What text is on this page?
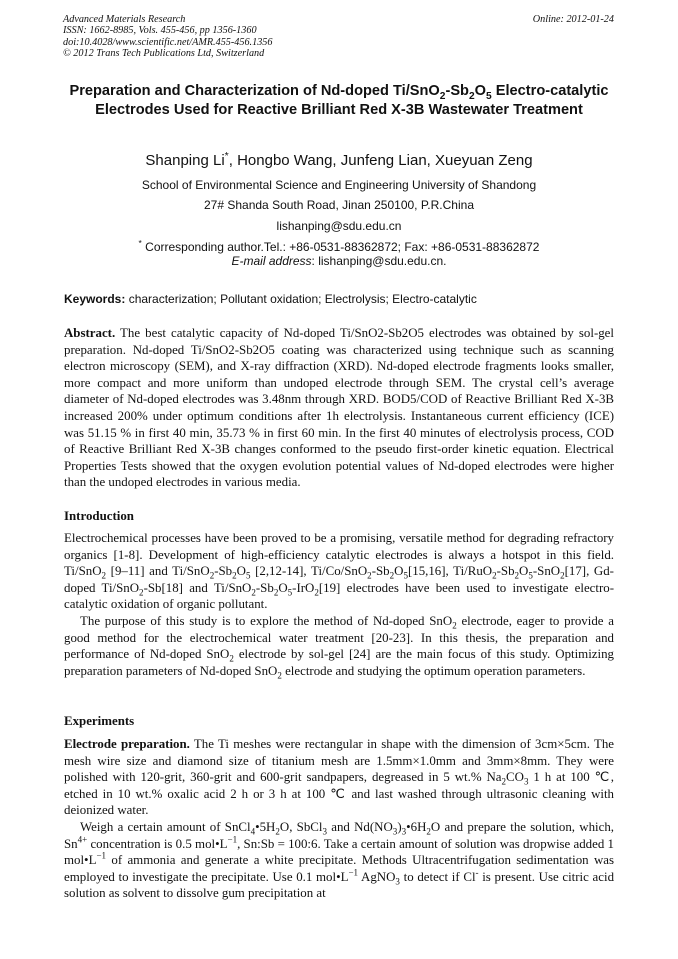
Advanced Materials Research
ISSN: 1662-8985, Vols. 455-456, pp 1356-1360
doi:10.4028/www.scientific.net/AMR.455-456.1356
© 2012 Trans Tech Publications Ltd, Switzerland
Online: 2012-01-24
Preparation and Characterization of Nd-doped $Ti/SnO_2-Sb_2O_5$ Electro-catalytic Electrodes Used for Reactive Brilliant Red X-3B Wastewater Treatment
Shanping Li*, Hongbo Wang, Junfeng Lian, Xueyuan Zeng
School of Environmental Science and Engineering University of Shandong
27# Shanda South Road, Jinan 250100, P.R.China
lishanping@sdu.edu.cn
* Corresponding author.Tel.: +86-0531-88362872; Fax: +86-0531-88362872
E-mail address: lishanping@sdu.edu.cn.
Keywords: characterization; Pollutant oxidation; Electrolysis; Electro-catalytic

Abstract. The best catalytic capacity of Nd-doped Ti/SnO2-Sb2O5 electrodes was obtained by sol-gel preparation. Nd-doped Ti/SnO2-Sb2O5 coating was characterized using technique such as scanning electron microscopy (SEM), and X-ray diffraction (XRD). Nd-doped electrode fragments looks smaller, more compact and more uniform than undoped electrode through SEM. The crystal cell’s average diameter of Nd-doped electrodes was 3.48nm through XRD. BOD5/COD of Reactive Brilliant Red X-3B increased 200% under optimum conditions after 1h electrolysis. Instantaneous current efficiency (ICE) was 51.15 % in first 40 min, 35.73 % in first 60 min. In the first 40 minutes of electrolysis process, COD of Reactive Brilliant Red X-3B changes conformed to the pseudo first-order kinetic equation. Electrical Properties Tests showed that the oxygen evolution potential values of Nd-doped electrodes were higher than the undoped electrodes in various media.

Introduction

Electrochemical processes have been proved to be a promising, versatile method for degrading refractory organics [1-8]. Development of high-efficiency catalytic electrodes is always a hotspot in this field. Ti/SnO$_2$ [9–11] and $Ti/SnO_2-Sb_2O_5$ [2,12-14], $Ti/Co/SnO_2-Sb_2O_5[15,16]$, $Ti/RuO_2-Sb_2O_5-SnO_2[17]$, Gd-doped Ti/SnO$_2$-Sb[18] and $Ti/SnO_2-Sb_2O_5-IrO_2[19]$ electrodes have been used to investigate electro-catalytic oxidation of organic pollutant.

The purpose of this study is to explore the method of Nd-doped SnO$_2$ electrode, eager to provide a good method for the electrochemical water treatment [20-23]. In this thesis, the preparation and performance of Nd-doped SnO$_2$ electrode by sol-gel [24] are the main focus of this study. Optimizing preparation parameters of Nd-doped SnO$_2$ electrode and studying the optimum operation parameters.

Experiments

Electrode preparation. The Ti meshes were rectangular in shape with the dimension of 3cm×5cm. The mesh wire size and diamond size of titanium mesh are 1.5mm×1.0mm and 3mm×8mm. They were polished with 120-grit, 360-grit and 600-grit sandpapers, degreased in 5 wt.% $Na_2CO_3$ 1 h at 100 ℃, etched in 10 wt.% oxalic acid 2 h or 3 h at 100 ℃ and last washed through ultrasonic cleaning with deionized water.

Weigh a certain amount of $SnCl_4•5H_2O$, SbCl$_3$ and $Nd(NO_3)_3•6H_2O$ and prepare the solution, which, $Sn^{4+}$ concentration is 0.5 $mol•L^{-1}$, Sn:Sb = 100:6. Take a certain amount of solution was dropwise added 1 $mol•L^{-1}$ of ammonia and generate a white precipitate. Methods Ultracentrifugation sedimentation was employed to investigate the precipitate. Use 0.1 $mol•L^{-1}$ AgNO$_3$ to detect if Cl- is present. Use citric acid solution as solvent to dissolve gum precipitation at
